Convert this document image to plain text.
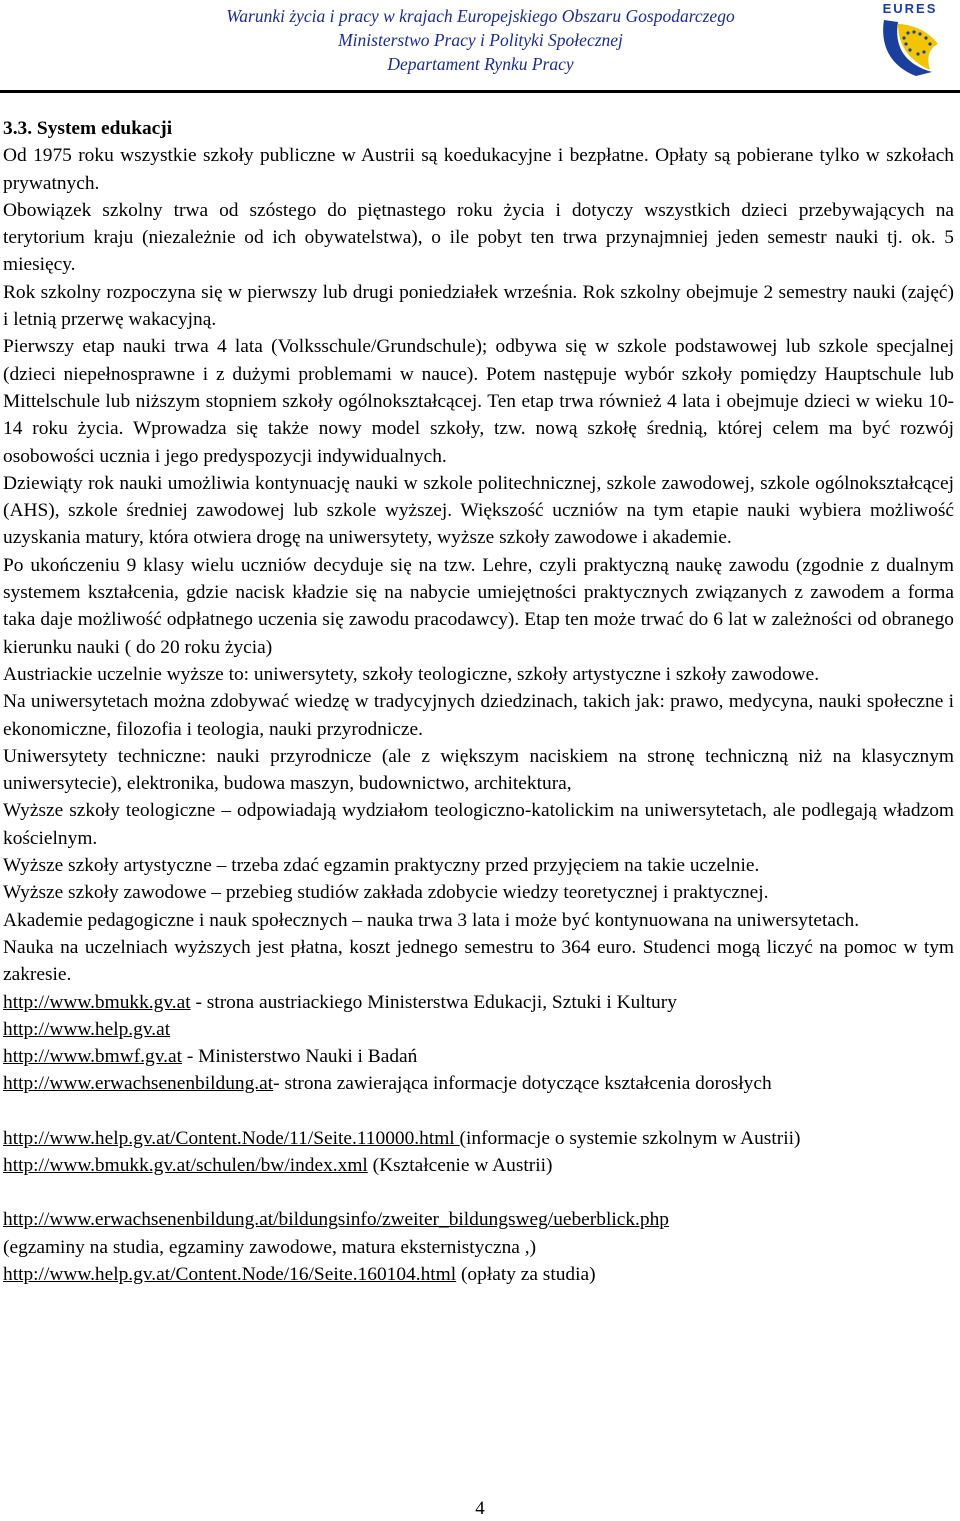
Warunki życia i pracy w krajach Europejskiego Obszaru Gospodarczego
Ministerstwo Pracy i Polityki Społecznej
Departament Rynku Pracy
EURES

3.3. System edukacji

Od 1975 roku wszystkie szkoły publiczne w Austrii są koedukacyjne i bezpłatne. Opłaty są pobierane tylko w szkołach prywatnych.

Obowiązek szkolny trwa od szóstego do piętnastego roku życia i dotyczy wszystkich dzieci przebywających na terytorium kraju (niezależnie od ich obywatelstwa), o ile pobyt ten trwa przynajmniej jeden semestr nauki tj. ok. 5 miesięcy.

Rok szkolny rozpoczyna się w pierwszy lub drugi poniedziałek września. Rok szkolny obejmuje 2 semestry nauki (zajęć) i letnią przerwę wakacyjną.

Pierwszy etap nauki trwa 4 lata (Volksschule/Grundschule); odbywa się w szkole podstawowej lub szkole specjalnej (dzieci niepełnosprawne i z dużymi problemami w nauce). Potem następuje wybór szkoły pomiędzy Hauptschule lub Mittelschule lub niższym stopniem szkoły ogólnokształcącej. Ten etap trwa również 4 lata i obejmuje dzieci w wieku 10-14 roku życia. Wprowadza się także nowy model szkoły, tzw. nową szkołę średnią, której celem ma być rozwój osobowości ucznia i jego predyspozycji indywidualnych.

Dziewiąty rok nauki umożliwia kontynuację nauki w szkole politechnicznej, szkole zawodowej, szkole ogólnokształcącej (AHS), szkole średniej zawodowej lub szkole wyższej. Większość uczniów na tym etapie nauki wybiera możliwość uzyskania matury, która otwiera drogę na uniwersytety, wyższe szkoły zawodowe i akademie.

Po ukończeniu 9 klasy wielu uczniów decyduje się na tzw. Lehre, czyli praktyczną naukę zawodu (zgodnie z dualnym systemem kształcenia, gdzie nacisk kładzie się na nabycie umiejętności praktycznych związanych z zawodem a forma taka daje możliwość odpłatnego uczenia się zawodu pracodawcy). Etap ten może trwać do 6 lat w zależności od obranego kierunku nauki ( do 20 roku życia)

Austriackie uczelnie wyższe to: uniwersytety, szkoły teologiczne, szkoły artystyczne i szkoły zawodowe.

Na uniwersytetach można zdobywać wiedzę w tradycyjnych dziedzinach, takich jak: prawo, medycyna, nauki społeczne i ekonomiczne, filozofia i teologia, nauki przyrodnicze.

Uniwersytety techniczne: nauki przyrodnicze (ale z większym naciskiem na stronę techniczną niż na klasycznym uniwersytecie), elektronika, budowa maszyn, budownictwo, architektura,

Wyższe szkoły teologiczne – odpowiadają wydziałom teologiczno-katolickim na uniwersytetach, ale podlegają władzom kościelnym.

Wyższe szkoły artystyczne – trzeba zdać egzamin praktyczny przed przyjęciem na takie uczelnie.

Wyższe szkoły zawodowe – przebieg studiów zakłada zdobycie wiedzy teoretycznej i praktycznej.

Akademie pedagogiczne i nauk społecznych – nauka trwa 3 lata i może być kontynuowana na uniwersytetach.

Nauka na uczelniach wyższych jest płatna, koszt jednego semestru to 364 euro. Studenci mogą liczyć na pomoc w tym zakresie.

http://www.bmukk.gv.at - strona austriackiego Ministerstwa Edukacji, Sztuki i Kultury

http://www.help.gv.at

http://www.bmwf.gv.at - Ministerstwo Nauki i Badań

http://www.erwachsenenbildung.at- strona zawierająca informacje dotyczące kształcenia dorosłych

http://www.help.gv.at/Content.Node/11/Seite.110000.html (informacje o systemie szkolnym w Austrii)

http://www.bmukk.gv.at/schulen/bw/index.xml (Kształcenie w Austrii)

http://www.erwachsenenbildung.at/bildungsinfo/zweiter_bildungsweg/ueberblick.php

(egzaminy na studia, egzaminy zawodowe, matura eksternistyczna ,)

http://www.help.gv.at/Content.Node/16/Seite.160104.html (opłaty za studia)

4
